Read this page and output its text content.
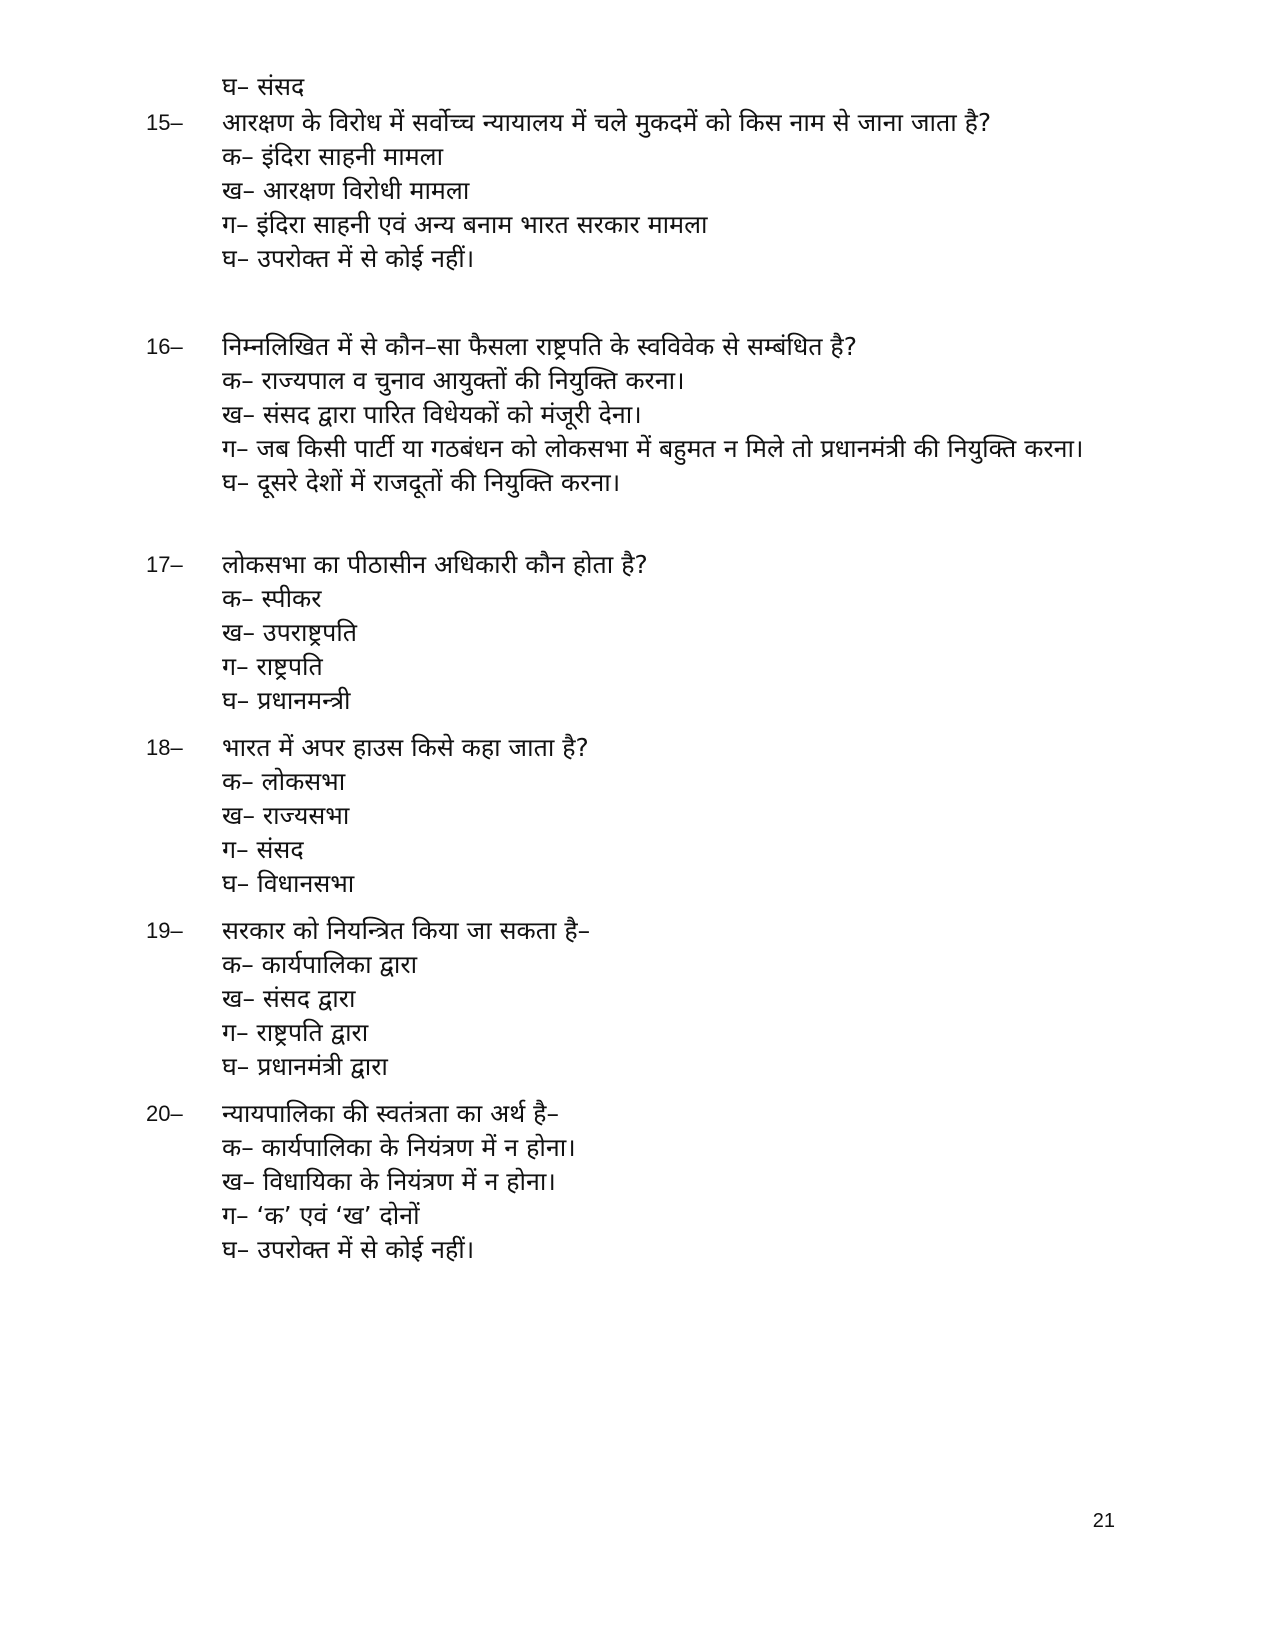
घ– संसद
15–	आरक्षण के विरोध में सर्वोच्च न्यायालय में चले मुकदमें को किस नाम से जाना जाता है?
क– इंदिरा साहनी मामला
ख– आरक्षण विरोधी मामला
ग– इंदिरा साहनी एवं अन्य बनाम भारत सरकार मामला
घ– उपरोक्त में से कोई नहीं।
16–	निम्नलिखित में से कौन–सा फैसला राष्ट्रपति के स्वविवेक से सम्बंधित है?
क– राज्यपाल व चुनाव आयुक्तों की नियुक्ति करना।
ख– संसद द्वारा पारित विधेयकों को मंजूरी देना।
ग– जब किसी पार्टी या गठबंधन को लोकसभा में बहुमत न मिले तो प्रधानमंत्री की नियुक्ति करना।
घ– दूसरे देशों में राजदूतों की नियुक्ति करना।
17–	लोकसभा का पीठासीन अधिकारी कौन होता है?
क– स्पीकर
ख– उपराष्ट्रपति
ग– राष्ट्रपति
घ– प्रधानमन्त्री
18–	भारत में अपर हाउस किसे कहा जाता है?
क– लोकसभा
ख– राज्यसभा
ग– संसद
घ– विधानसभा
19–	सरकार को नियन्त्रित किया जा सकता है–
क– कार्यपालिका द्वारा
ख– संसद द्वारा
ग– राष्ट्रपति द्वारा
घ– प्रधानमंत्री द्वारा
20–	न्यायपालिका की स्वतंत्रता का अर्थ है–
क– कार्यपालिका के नियंत्रण में न होना।
ख– विधायिका के नियंत्रण में न होना।
ग– ‘क’ एवं ‘ख’ दोनों
घ– उपरोक्त में से कोई नहीं।
21
